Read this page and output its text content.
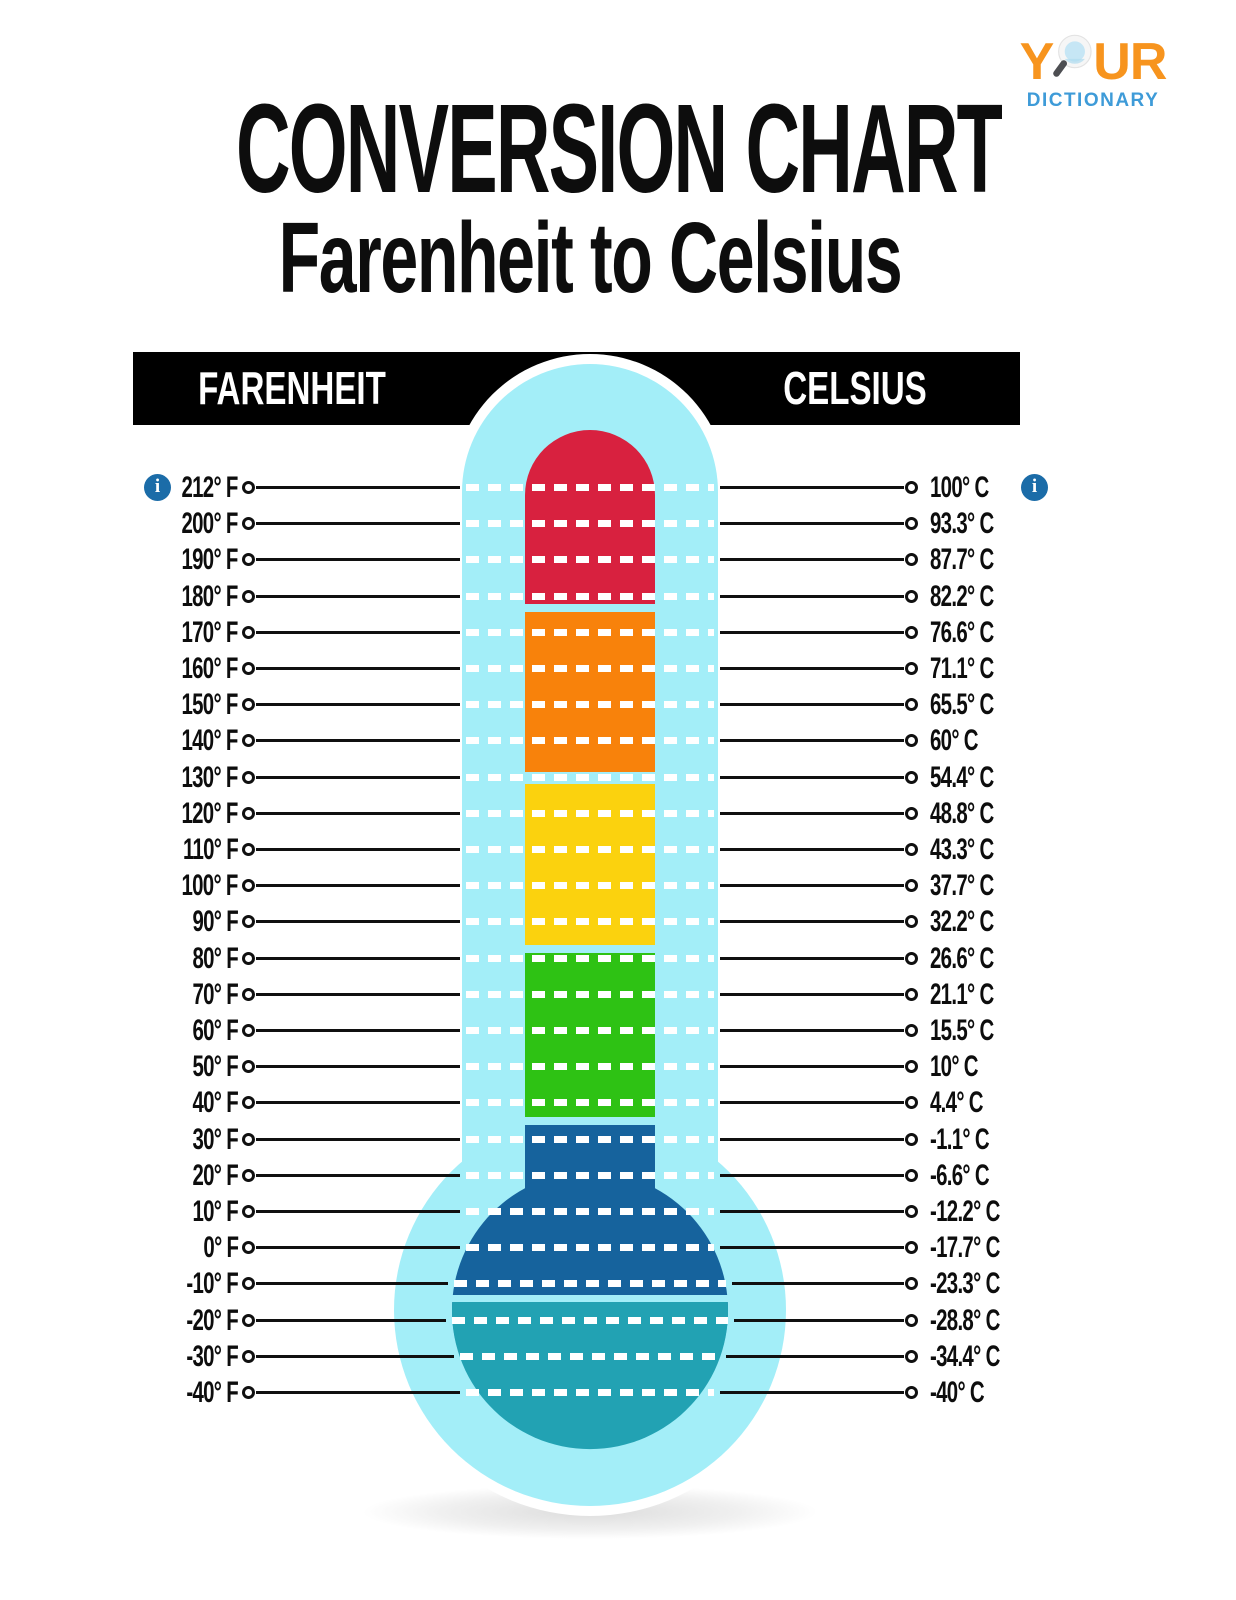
Y UR
DICTIONARY
CONVERSION CHART
Farenheit to Celsius
FARENHEIT	CELSIUS
i 212° F	100° C	i
200° F	93.3° C
190° F	87.7° C
180° F	82.2° C
170° F	76.6° C
160° F	71.1° C
150° F	65.5° C
140° F	60° C
130° F	54.4° C
120° F	48.8° C
110° F	43.3° C
100° F	37.7° C
90° F	32.2° C
80° F	26.6° C
70° F	21.1° C
60° F	15.5° C
50° F	10° C
40° F	4.4° C
30° F	-1.1° C
20° F	-6.6° C
10° F	-12.2° C
0° F	-17.7° C
-10° F	-23.3° C
-20° F	-28.8° C
-30° F	-34.4° C
-40° F	-40° C
